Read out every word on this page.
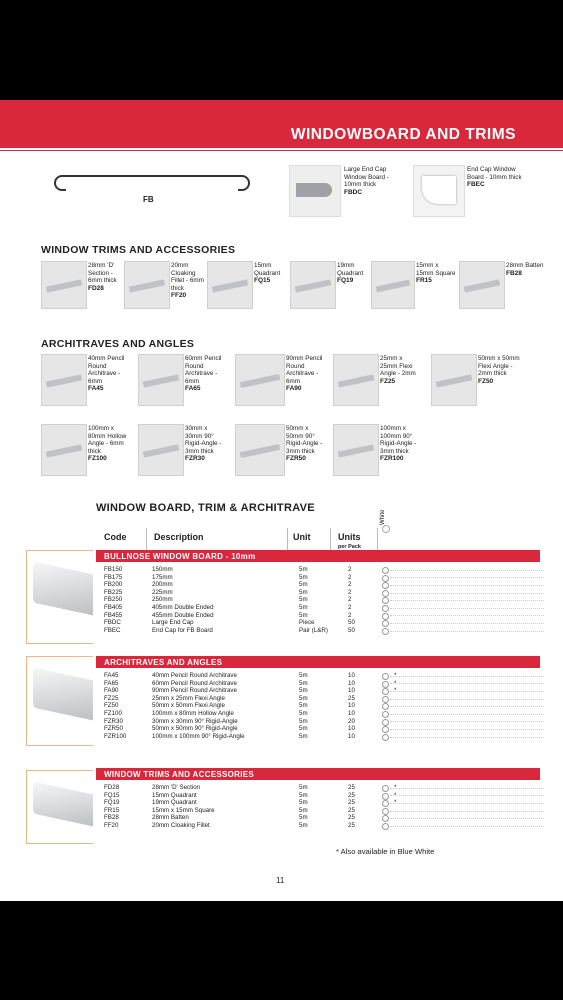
WINDOWBOARD AND TRIMS
FB
Large End Cap Window Board - 10mm thick
FBDC
End Cap Window Board - 10mm thick
FBEC
WINDOW TRIMS AND ACCESSORIES
28mm 'D' Section - 6mm thick
FD28
20mm Cloaking Fillet - 6mm thick
FF20
15mm Quadrant
FQ15
19mm Quadrant
FQ19
15mm x 15mm Square
FR15
28mm Batten
FB28
ARCHITRAVES AND ANGLES
40mm Pencil Round Architrave - 6mm
FA45
60mm Pencil Round Architrave - 6mm
FA65
90mm Pencil Round Architrave - 6mm
FA90
25mm x 25mm Flexi Angle - 2mm
FZ25
50mm x 50mm Flexi Angle - 2mm thick
FZ50
100mm x 80mm Hollow Angle - 6mm thick
FZ100
30mm x 30mm 90° Rigid-Angle - 3mm thick
FZR30
50mm x 50mm 90° Rigid-Angle - 3mm thick
FZR50
100mm x 100mm 90° Rigid-Angle - 3mm thick
FZR100
WINDOW BOARD, TRIM & ARCHITRAVE
White
Code	Description	Unit	Units
per Pack
BULLNOSE WINDOW BOARD - 10mm
FB150	150mm	5m	2
FB175	175mm	5m	2
FB200	200mm	5m	2
FB225	225mm	5m	2
FB250	250mm	5m	2
FB405	405mm Double Ended	5m	2
FB455	455mm Double Ended	5m	2
FBDC	Large End Cap	Piece	50
FBEC	End Cap for FB Board	Pair (L&R)	50
ARCHITRAVES AND ANGLES
FA45	40mm Pencil Round Architrave	5m	10	*
FA65	60mm Pencil Round Architrave	5m	10	*
FA90	90mm Pencil Round Architrave	5m	10	*
FZ25	25mm x 25mm Flexi Angle	5m	25
FZ50	50mm x 50mm Flexi Angle	5m	10
FZ100	100mm x 80mm Hollow Angle	5m	10
FZR30	30mm x 30mm 90° Rigid-Angle	5m	20
FZR50	50mm x 50mm 90° Rigid-Angle	5m	10
FZR100	100mm x 100mm 90° Rigid-Angle	5m	10
WINDOW TRIMS AND ACCESSORIES
FD28	28mm 'D' Section	5m	25	*
FQ15	15mm Quadrant	5m	25	*
FQ19	19mm Quadrant	5m	25	*
FR15	15mm x 15mm Square	5m	25
FB28	28mm Batten	5m	25
FF20	20mm Cloaking Fillet	5m	25
* Also available in Blue White
11
